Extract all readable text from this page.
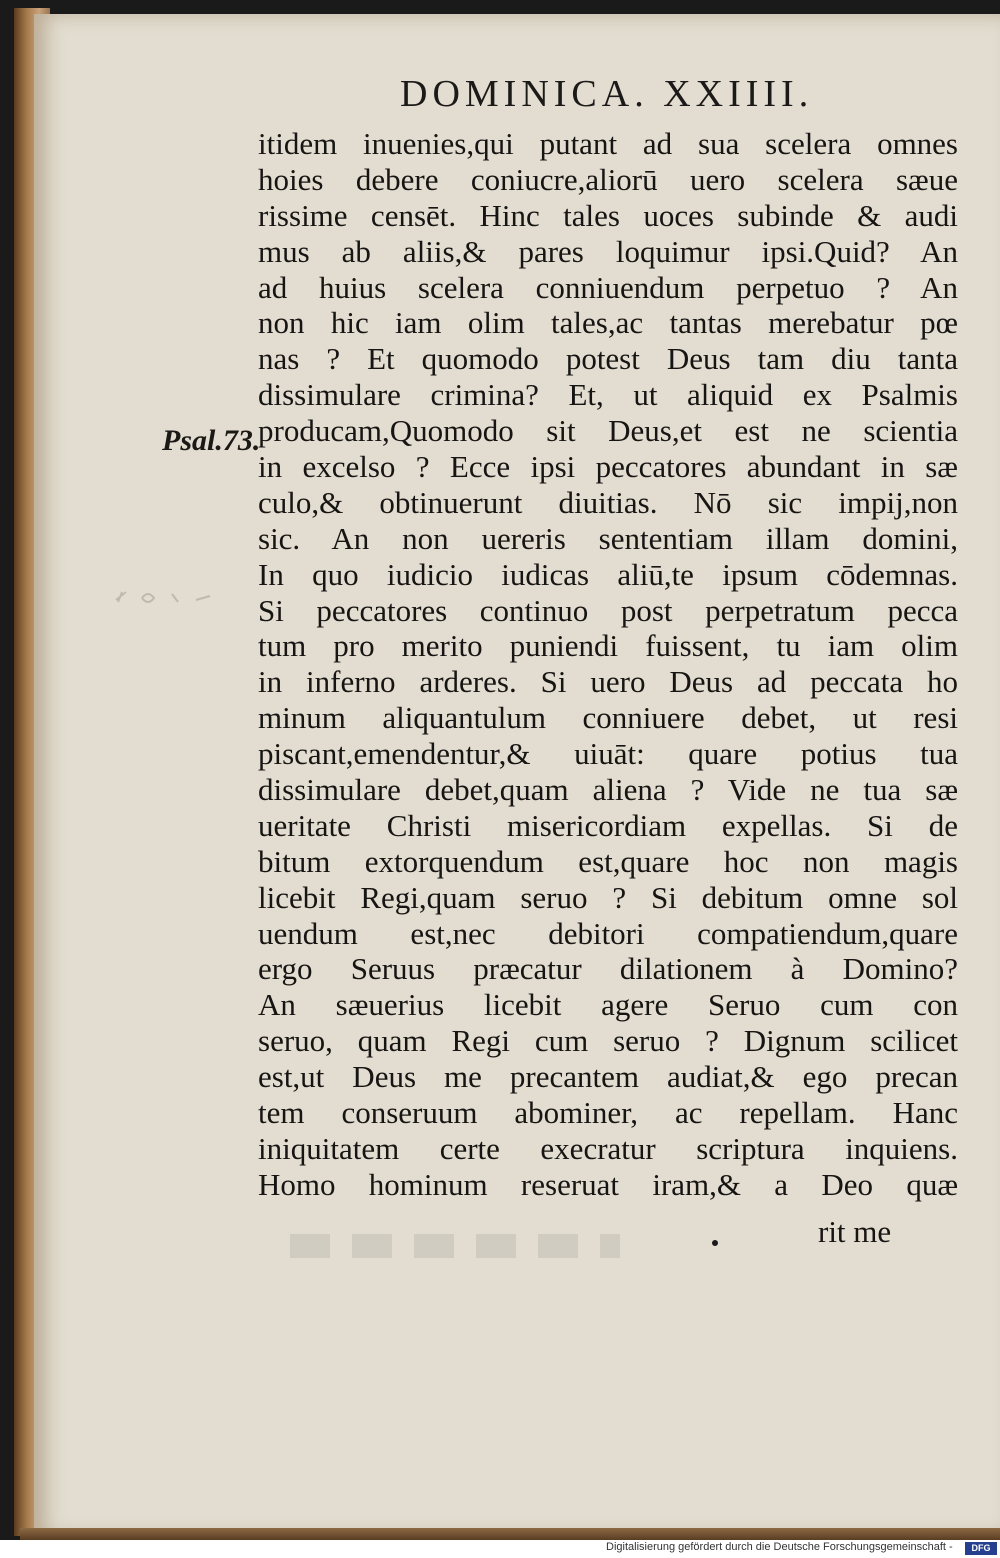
DOMINICA. XXIIII.
Psal.73.
itidem inuenies,qui putant ad sua scelera omnes
hoies debere coniucre,aliorū uero scelera sæue
rissime censēt. Hinc tales uoces subinde & audi
mus ab aliis,& pares loquimur ipsi.Quid? An
ad huius scelera conniuendum perpetuo ? An
non hic iam olim tales,ac tantas merebatur pœ
nas ? Et quomodo potest Deus tam diu tanta
dissimulare crimina? Et, ut aliquid ex Psalmis
producam,Quomodo sit Deus,et est ne scientia
in excelso ? Ecce ipsi peccatores abundant in sæ
culo,& obtinuerunt diuitias. Nō sic impij,non
sic. An non uereris sententiam illam domini,
In quo iudicio iudicas aliū,te ipsum cōdemnas.
Si peccatores continuo post perpetratum pecca
tum pro merito puniendi fuissent, tu iam olim
in inferno arderes. Si uero Deus ad peccata ho
minum aliquantulum conniuere debet, ut resi
piscant,emendentur,& uiuāt: quare potius tua
dissimulare debet,quam aliena ? Vide ne tua sæ
ueritate Christi misericordiam expellas. Si de
bitum extorquendum est,quare hoc non magis
licebit Regi,quam seruo ? Si debitum omne sol
uendum est,nec debitori compatiendum,quare
ergo Seruus præcatur dilationem à Domino?
An sæuerius licebit agere Seruo cum con
seruo, quam Regi cum seruo ? Dignum scilicet
est,ut Deus me precantem audiat,& ego precan
tem conseruum abominer, ac repellam. Hanc
iniquitatem certe execratur scriptura inquiens.
Homo hominum reseruat iram,& a Deo quæ
rit me
Digitalisierung gefördert durch die Deutsche Forschungsgemeinschaft -	DFG
